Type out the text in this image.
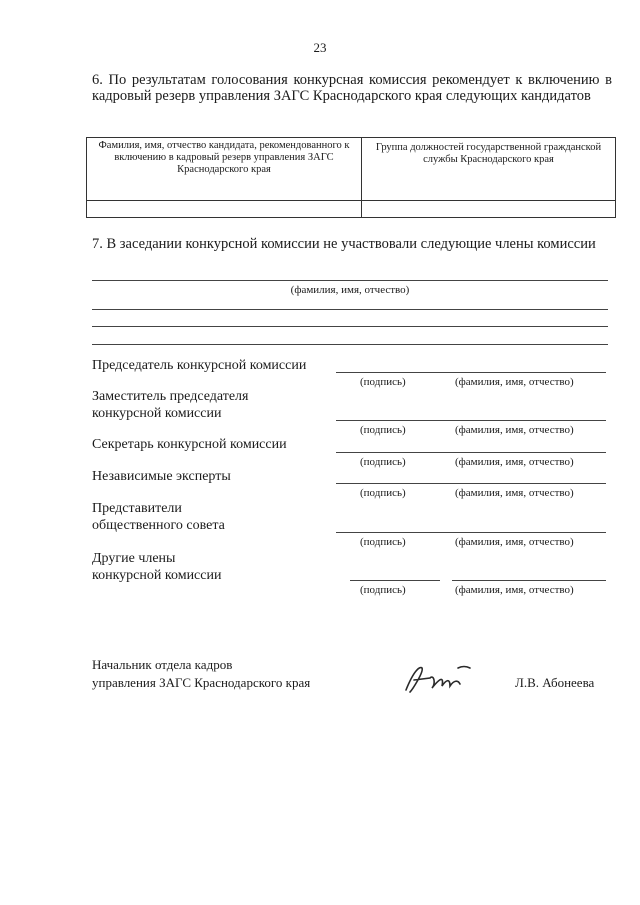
23
6. По результатам голосования конкурсная комиссия рекомендует к включению в кадровый резерв управления ЗАГС Краснодарского края следующих кандидатов
Фамилия, имя, отчество кандидата, рекомендованного к включению в кадровый резерв управления ЗАГС Краснодарского края	Группа должностей государственной гражданской службы Краснодарского края

7. В заседании конкурсной комиссии не участвовали следующие члены комиссии
(фамилия, имя, отчество)
Председатель конкурсной комиссии
(подпись)	(фамилия, имя, отчество)
Заместитель председателя
конкурсной комиссии
(подпись)	(фамилия, имя, отчество)
Секретарь конкурсной комиссии
(подпись)	(фамилия, имя, отчество)
Независимые эксперты
(подпись)	(фамилия, имя, отчество)
Представители
общественного совета
(подпись)	(фамилия, имя, отчество)
Другие члены
конкурсной комиссии
(подпись)	(фамилия, имя, отчество)
Начальник отдела кадров
управления ЗАГС Краснодарского края	Л.В. Абонеева
